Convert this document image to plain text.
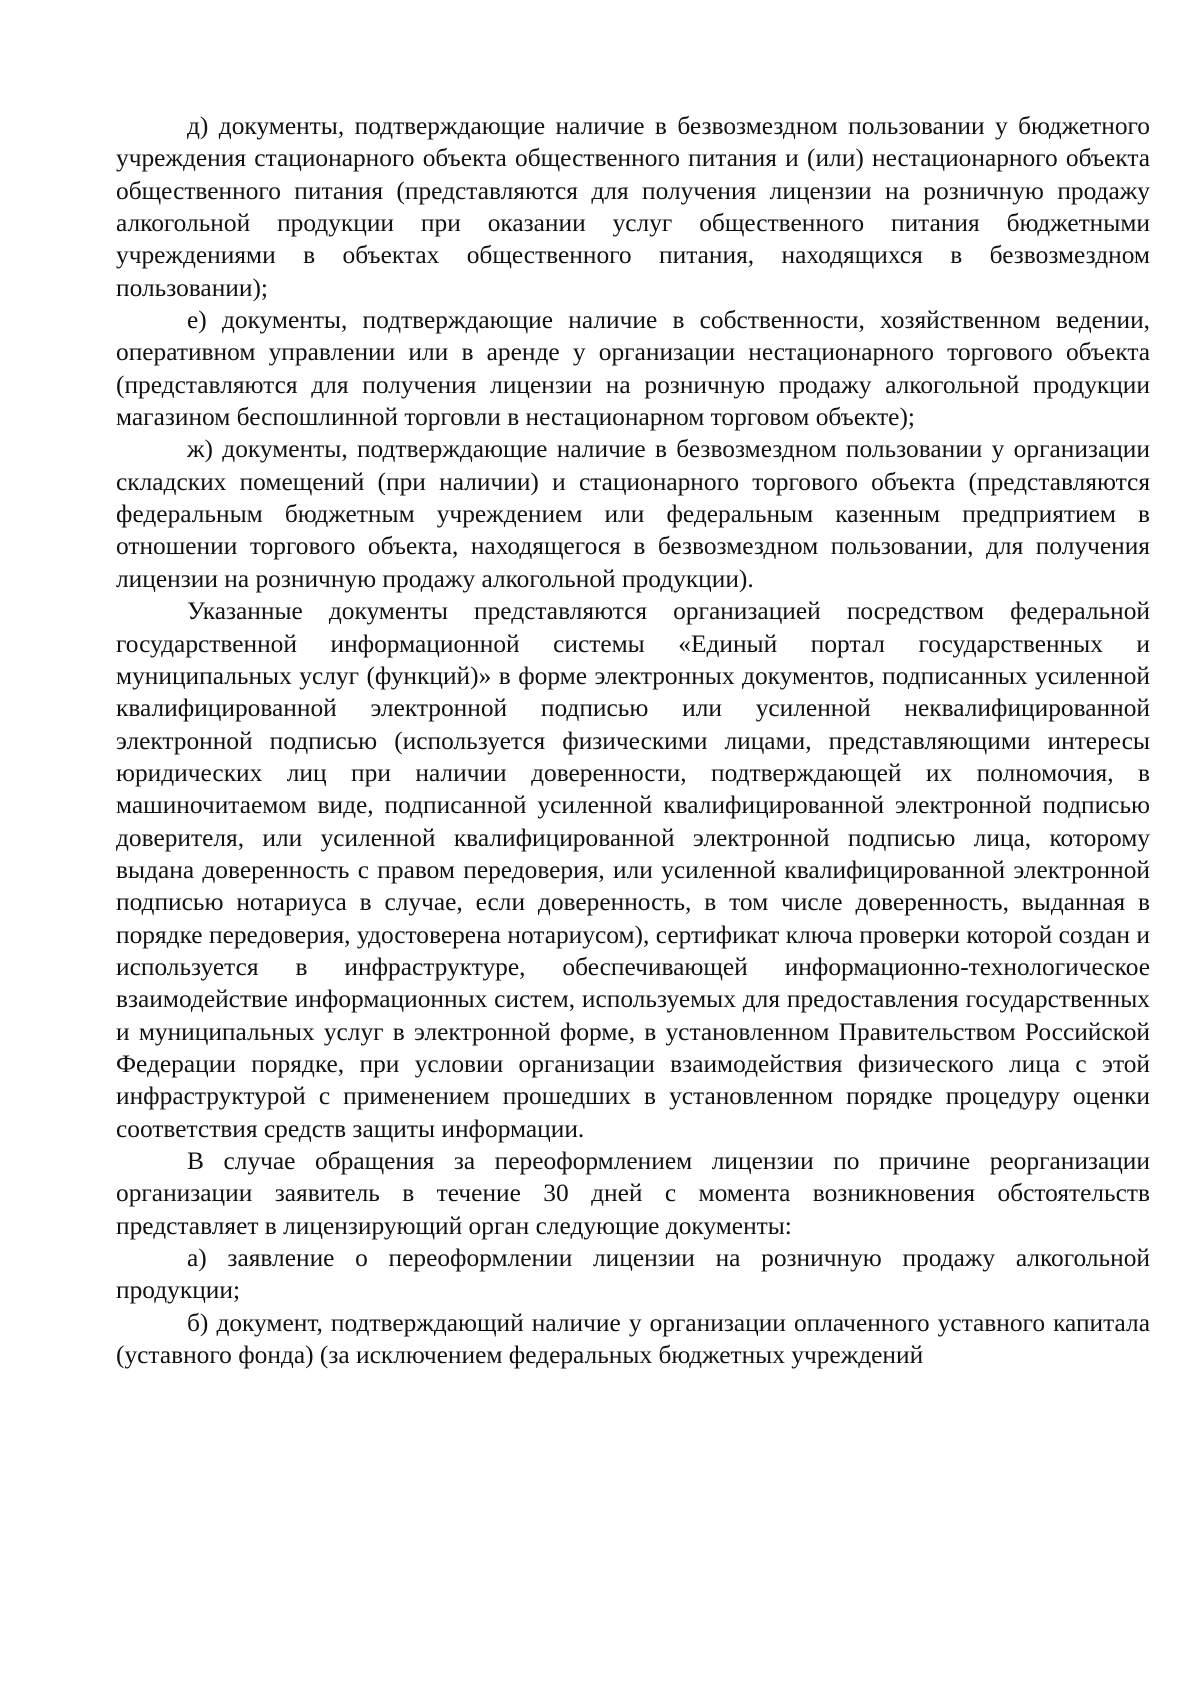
д) документы, подтверждающие наличие в безвозмездном пользовании у бюджетного учреждения стационарного объекта общественного питания и (или) нестационарного объекта общественного питания (представляются для получения лицензии на розничную продажу алкогольной продукции при оказании услуг общественного питания бюджетными учреждениями в объектах общественного питания, находящихся в безвозмездном пользовании);

е) документы, подтверждающие наличие в собственности, хозяйственном ведении, оперативном управлении или в аренде у организации нестационарного торгового объекта (представляются для получения лицензии на розничную продажу алкогольной продукции магазином беспошлинной торговли в нестационарном торговом объекте);

ж) документы, подтверждающие наличие в безвозмездном пользовании у организации складских помещений (при наличии) и стационарного торгового объекта (представляются федеральным бюджетным учреждением или федеральным казенным предприятием в отношении торгового объекта, находящегося в безвозмездном пользовании, для получения лицензии на розничную продажу алкогольной продукции).

Указанные документы представляются организацией посредством федеральной государственной информационной системы «Единый портал государственных и муниципальных услуг (функций)» в форме электронных документов, подписанных усиленной квалифицированной электронной подписью или усиленной неквалифицированной электронной подписью (используется физическими лицами, представляющими интересы юридических лиц при наличии доверенности, подтверждающей их полномочия, в машиночитаемом виде, подписанной усиленной квалифицированной электронной подписью доверителя, или усиленной квалифицированной электронной подписью лица, которому выдана доверенность с правом передоверия, или усиленной квалифицированной электронной подписью нотариуса в случае, если доверенность, в том числе доверенность, выданная в порядке передоверия, удостоверена нотариусом), сертификат ключа проверки которой создан и используется в инфраструктуре, обеспечивающей информационно-технологическое взаимодействие информационных систем, используемых для предоставления государственных и муниципальных услуг в электронной форме, в установленном Правительством Российской Федерации порядке, при условии организации взаимодействия физического лица с этой инфраструктурой с применением прошедших в установленном порядке процедуру оценки соответствия средств защиты информации.

В случае обращения за переоформлением лицензии по причине реорганизации организации заявитель в течение 30 дней с момента возникновения обстоятельств представляет в лицензирующий орган следующие документы:

а) заявление о переоформлении лицензии на розничную продажу алкогольной продукции;

б) документ, подтверждающий наличие у организации оплаченного уставного капитала (уставного фонда) (за исключением федеральных бюджетных учреждений
